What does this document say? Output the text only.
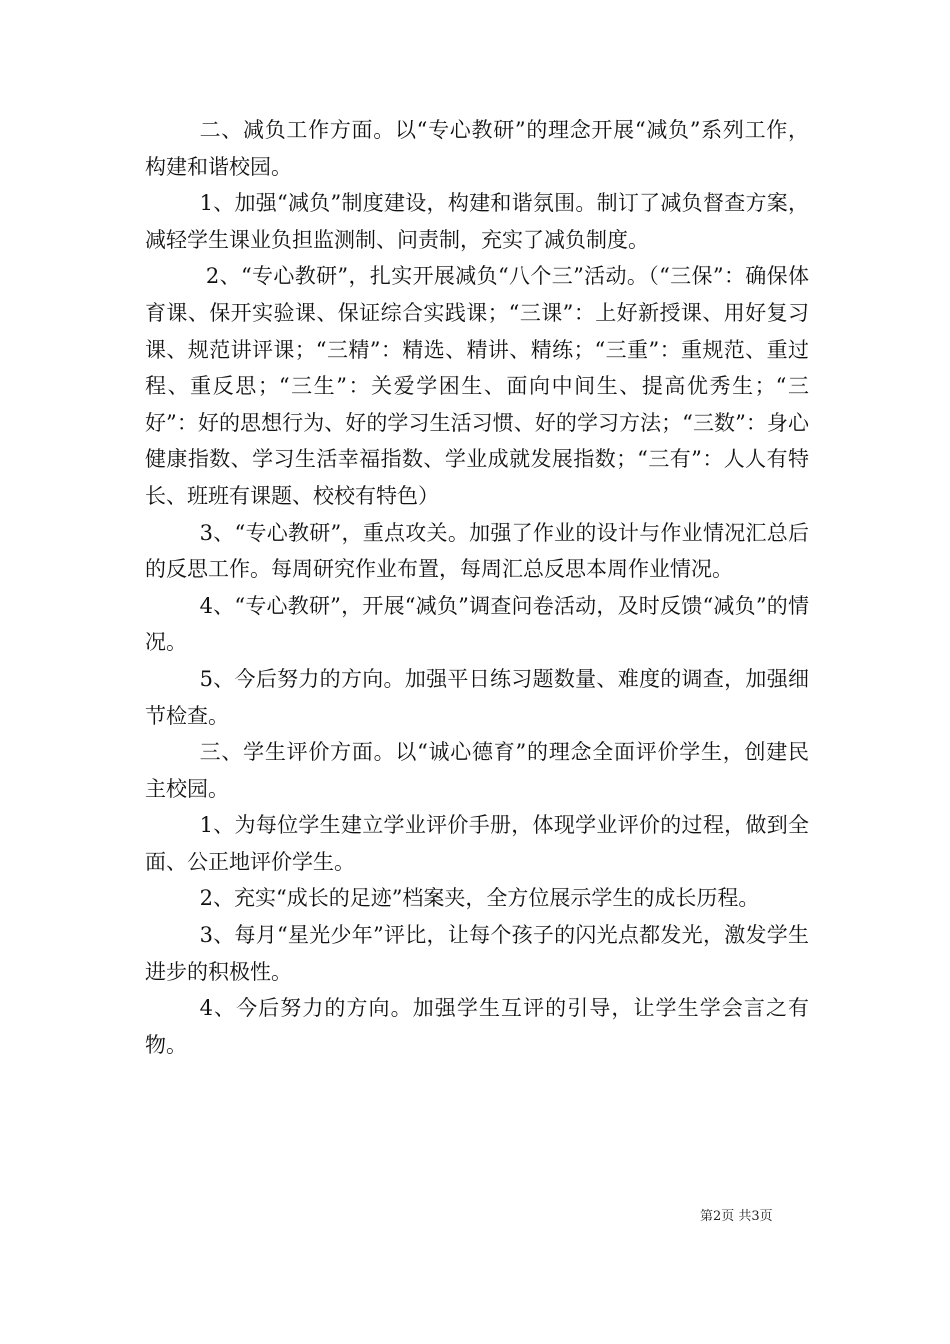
二、减负工作方面。以“专心教研”的理念开展“减负”系列工作，构建和谐校园。

1、加强“减负”制度建设，构建和谐氛围。制订了减负督查方案，减轻学生课业负担监测制、问责制，充实了减负制度。

2、“专心教研”，扎实开展减负“八个三”活动。（“三保”：确保体育课、保开实验课、保证综合实践课；“三课”：上好新授课、用好复习课、规范讲评课；“三精”：精选、精讲、精练；“三重”：重规范、重过程、重反思；“三生”：关爱学困生、面向中间生、提高优秀生；“三好”：好的思想行为、好的学习生活习惯、好的学习方法；“三数”：身心健康指数、学习生活幸福指数、学业成就发展指数；“三有”：人人有特长、班班有课题、校校有特色）

3、“专心教研”，重点攻关。加强了作业的设计与作业情况汇总后的反思工作。每周研究作业布置，每周汇总反思本周作业情况。

4、“专心教研”，开展“减负”调查问卷活动，及时反馈“减负”的情况。

5、今后努力的方向。加强平日练习题数量、难度的调查，加强细节检查。

三、学生评价方面。以“诚心德育”的理念全面评价学生，创建民主校园。

1、为每位学生建立学业评价手册，体现学业评价的过程，做到全面、公正地评价学生。

2、充实“成长的足迹”档案夹，全方位展示学生的成长历程。

3、每月“星光少年”评比，让每个孩子的闪光点都发光，激发学生进步的积极性。

4、今后努力的方向。加强学生互评的引导，让学生学会言之有物。

第2页 共3页
